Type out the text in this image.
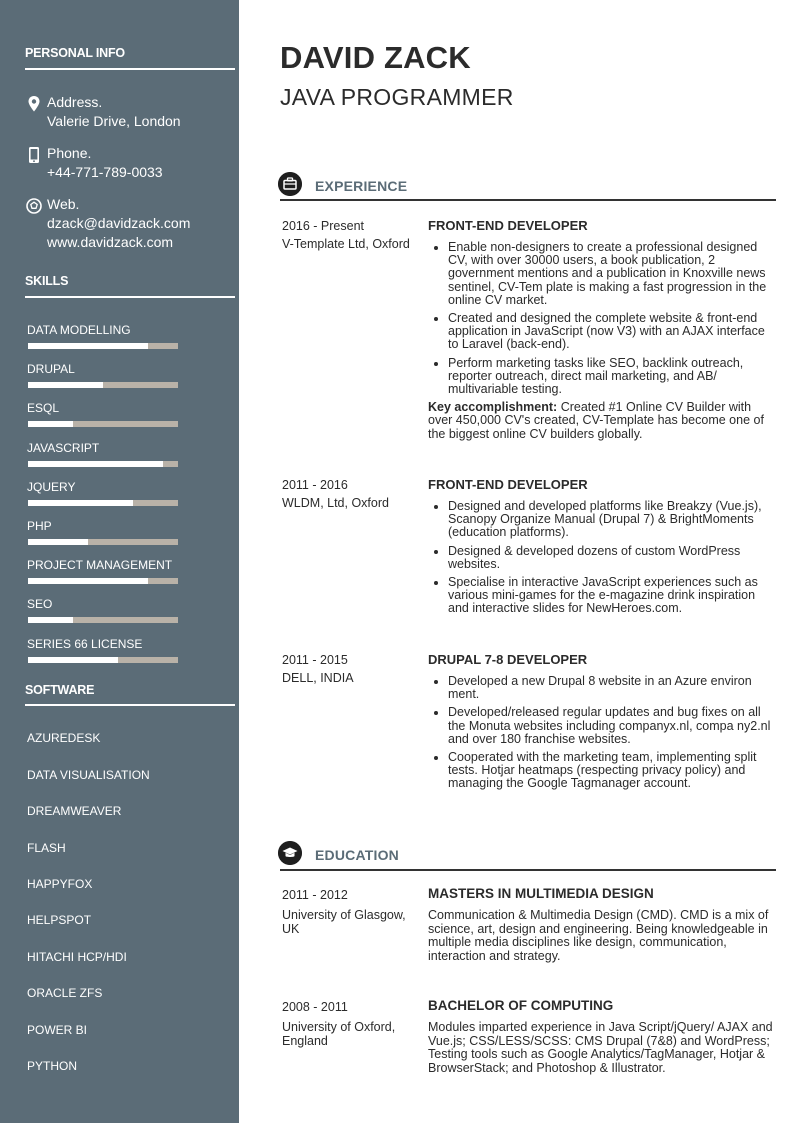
PERSONAL INFO
Address.
Valerie Drive, London
Phone.
+44-771-789-0033
Web.
dzack@davidzack.com
www.davidzack.com
SKILLS
DATA MODELLING
DRUPAL
ESQL
JAVASCRIPT
JQUERY
PHP
PROJECT MANAGEMENT
SEO
SERIES 66 LICENSE
SOFTWARE
AZUREDESK
DATA VISUALISATION
DREAMWEAVER
FLASH
HAPPYFOX
HELPSPOT
HITACHI HCP/HDI
ORACLE ZFS
POWER BI
PYTHON
DAVID ZACK
JAVA PROGRAMMER
EXPERIENCE
2016 - Present
V-Template Ltd, Oxford
FRONT-END DEVELOPER
• Enable non-designers to create a professional designed CV, with over 30000 users, a book publication, 2 government mentions and a publication in Knoxville news sentinel, CV-Tem plate is making a fast progression in the online CV market.
• Created and designed the complete website & front-end application in JavaScript (now V3) with an AJAX interface to Laravel (back-end).
• Perform marketing tasks like SEO, backlink outreach, reporter outreach, direct mail marketing, and AB/ multivariable testing.
Key accomplishment: Created #1 Online CV Builder with over 450,000 CV's created, CV-Template has become one of the biggest online CV builders globally.
2011 - 2016
WLDM, Ltd, Oxford
FRONT-END DEVELOPER
• Designed and developed platforms like Breakzy (Vue.js), Scanopy Organize Manual (Drupal 7) & BrightMoments (education platforms).
• Designed & developed dozens of custom WordPress websites.
• Specialise in interactive JavaScript experiences such as various mini-games for the e-magazine drink inspiration and interactive slides for NewHeroes.com.
2011 - 2015
DELL, INDIA
DRUPAL 7-8 DEVELOPER
• Developed a new Drupal 8 website in an Azure environ ment.
• Developed/released regular updates and bug fixes on all the Monuta websites including companyx.nl, compa ny2.nl and over 180 franchise websites.
• Cooperated with the marketing team, implementing split tests. Hotjar heatmaps (respecting privacy policy) and managing the Google Tagmanager account.
EDUCATION
2011 - 2012
University of Glasgow, UK
MASTERS IN MULTIMEDIA DESIGN
Communication & Multimedia Design (CMD). CMD is a mix of science, art, design and engineering. Being knowledgeable in multiple media disciplines like design, communication, interaction and strategy.
2008 - 2011
University of Oxford, England
BACHELOR OF COMPUTING
Modules imparted experience in Java Script/jQuery/ AJAX and Vue.js; CSS/LESS/SCSS: CMS Drupal (7&8) and WordPress; Testing tools such as Google Analytics/TagManager, Hotjar & BrowserStack; and Photoshop & Illustrator.
